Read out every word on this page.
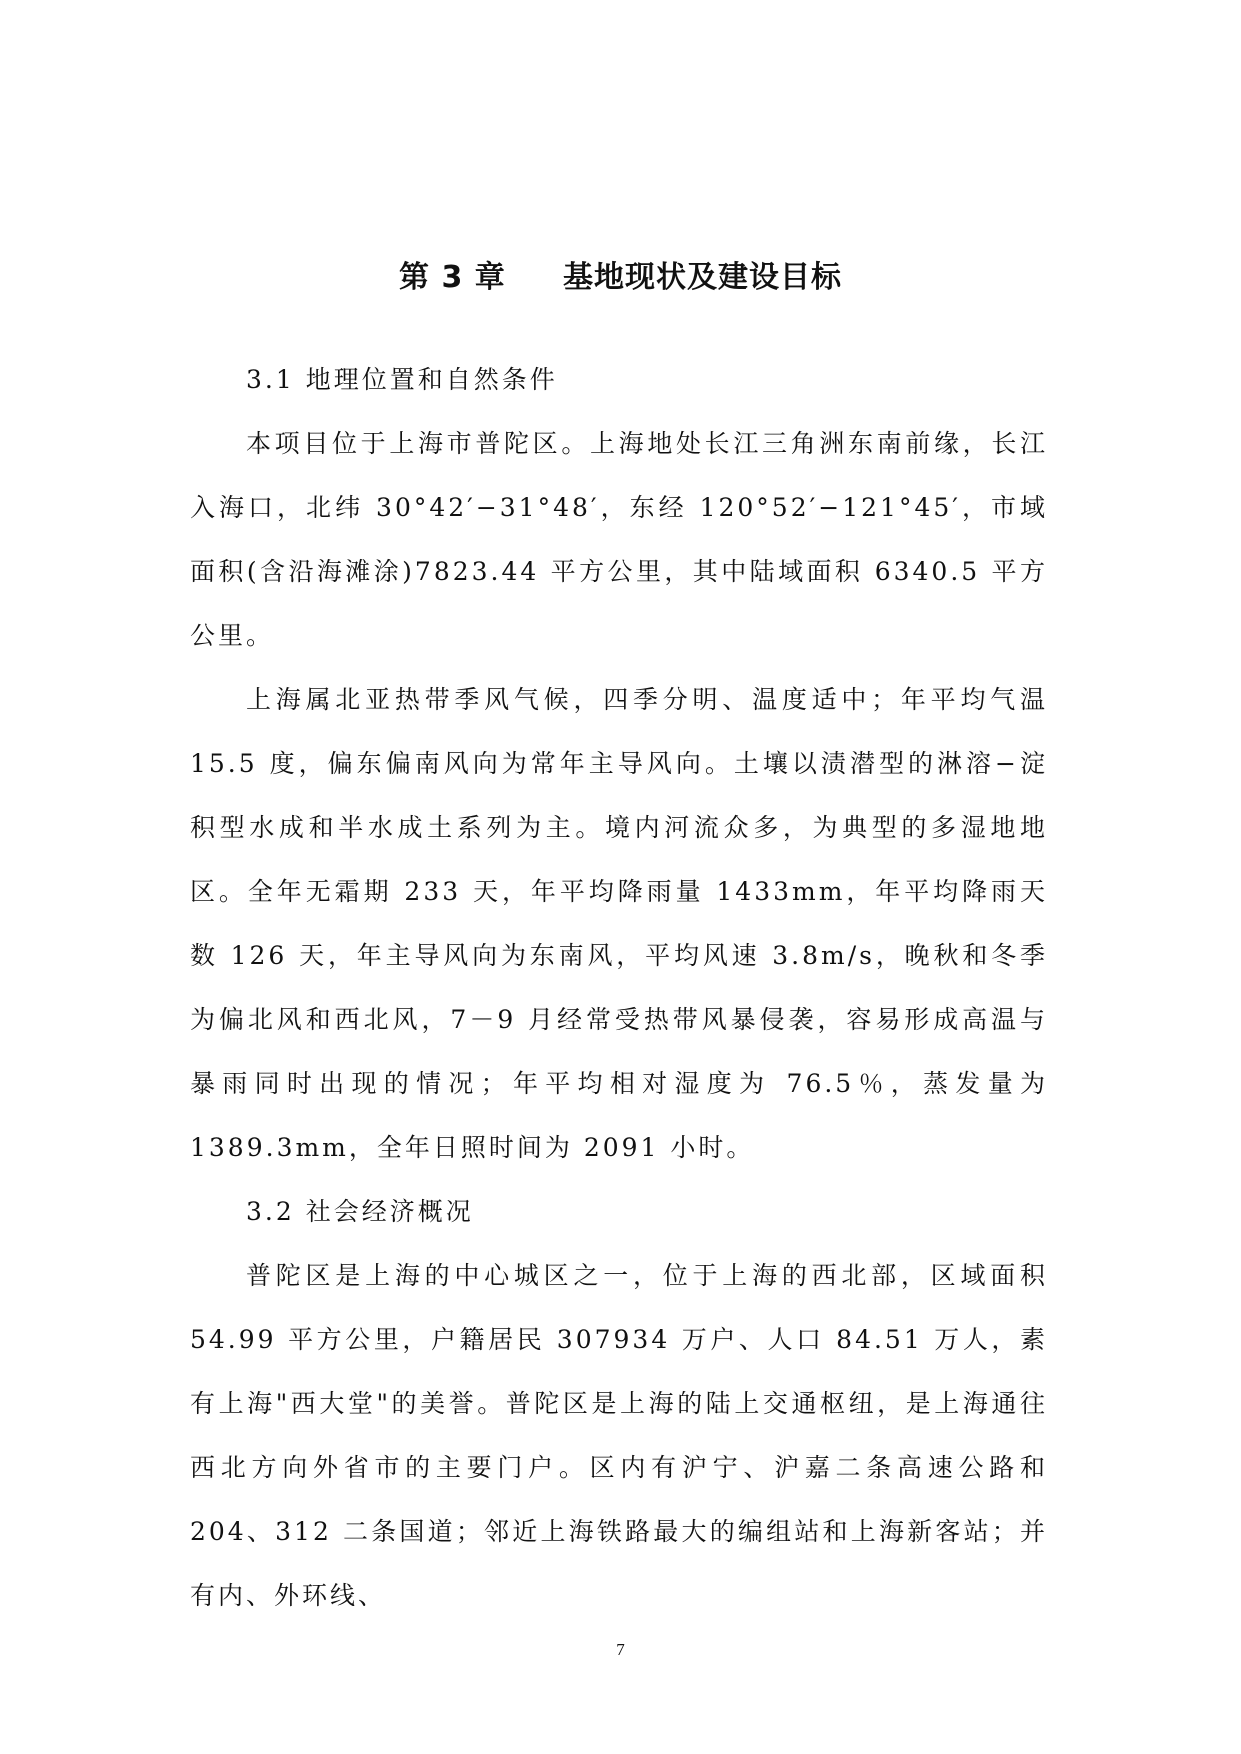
第 3 章     基地现状及建设目标

3.1 地理位置和自然条件

本项目位于上海市普陀区。上海地处长江三角洲东南前缘，长江入海口，北纬 30°42′−31°48′，东经 120°52′−121°45′，市域面积(含沿海滩涂)7823.44 平方公里，其中陆域面积 6340.5 平方公里。

上海属北亚热带季风气候，四季分明、温度适中；年平均气温 15.5 度，偏东偏南风向为常年主导风向。土壤以渍潜型的淋溶−淀积型水成和半水成土系列为主。境内河流众多，为典型的多湿地地区。全年无霜期 233 天，年平均降雨量 1433mm，年平均降雨天数 126 天，年主导风向为东南风，平均风速 3.8m/s，晚秋和冬季为偏北风和西北风，7－9 月经常受热带风暴侵袭，容易形成高温与暴雨同时出现的情况；年平均相对湿度为 76.5％，蒸发量为 1389.3mm，全年日照时间为 2091 小时。

3.2 社会经济概况

普陀区是上海的中心城区之一，位于上海的西北部，区域面积 54.99 平方公里，户籍居民 307934 万户、人口 84.51 万人，素有上海"西大堂"的美誉。普陀区是上海的陆上交通枢纽，是上海通往西北方向外省市的主要门户。区内有沪宁、沪嘉二条高速公路和 204、312 二条国道；邻近上海铁路最大的编组站和上海新客站；并有内、外环线、

7
